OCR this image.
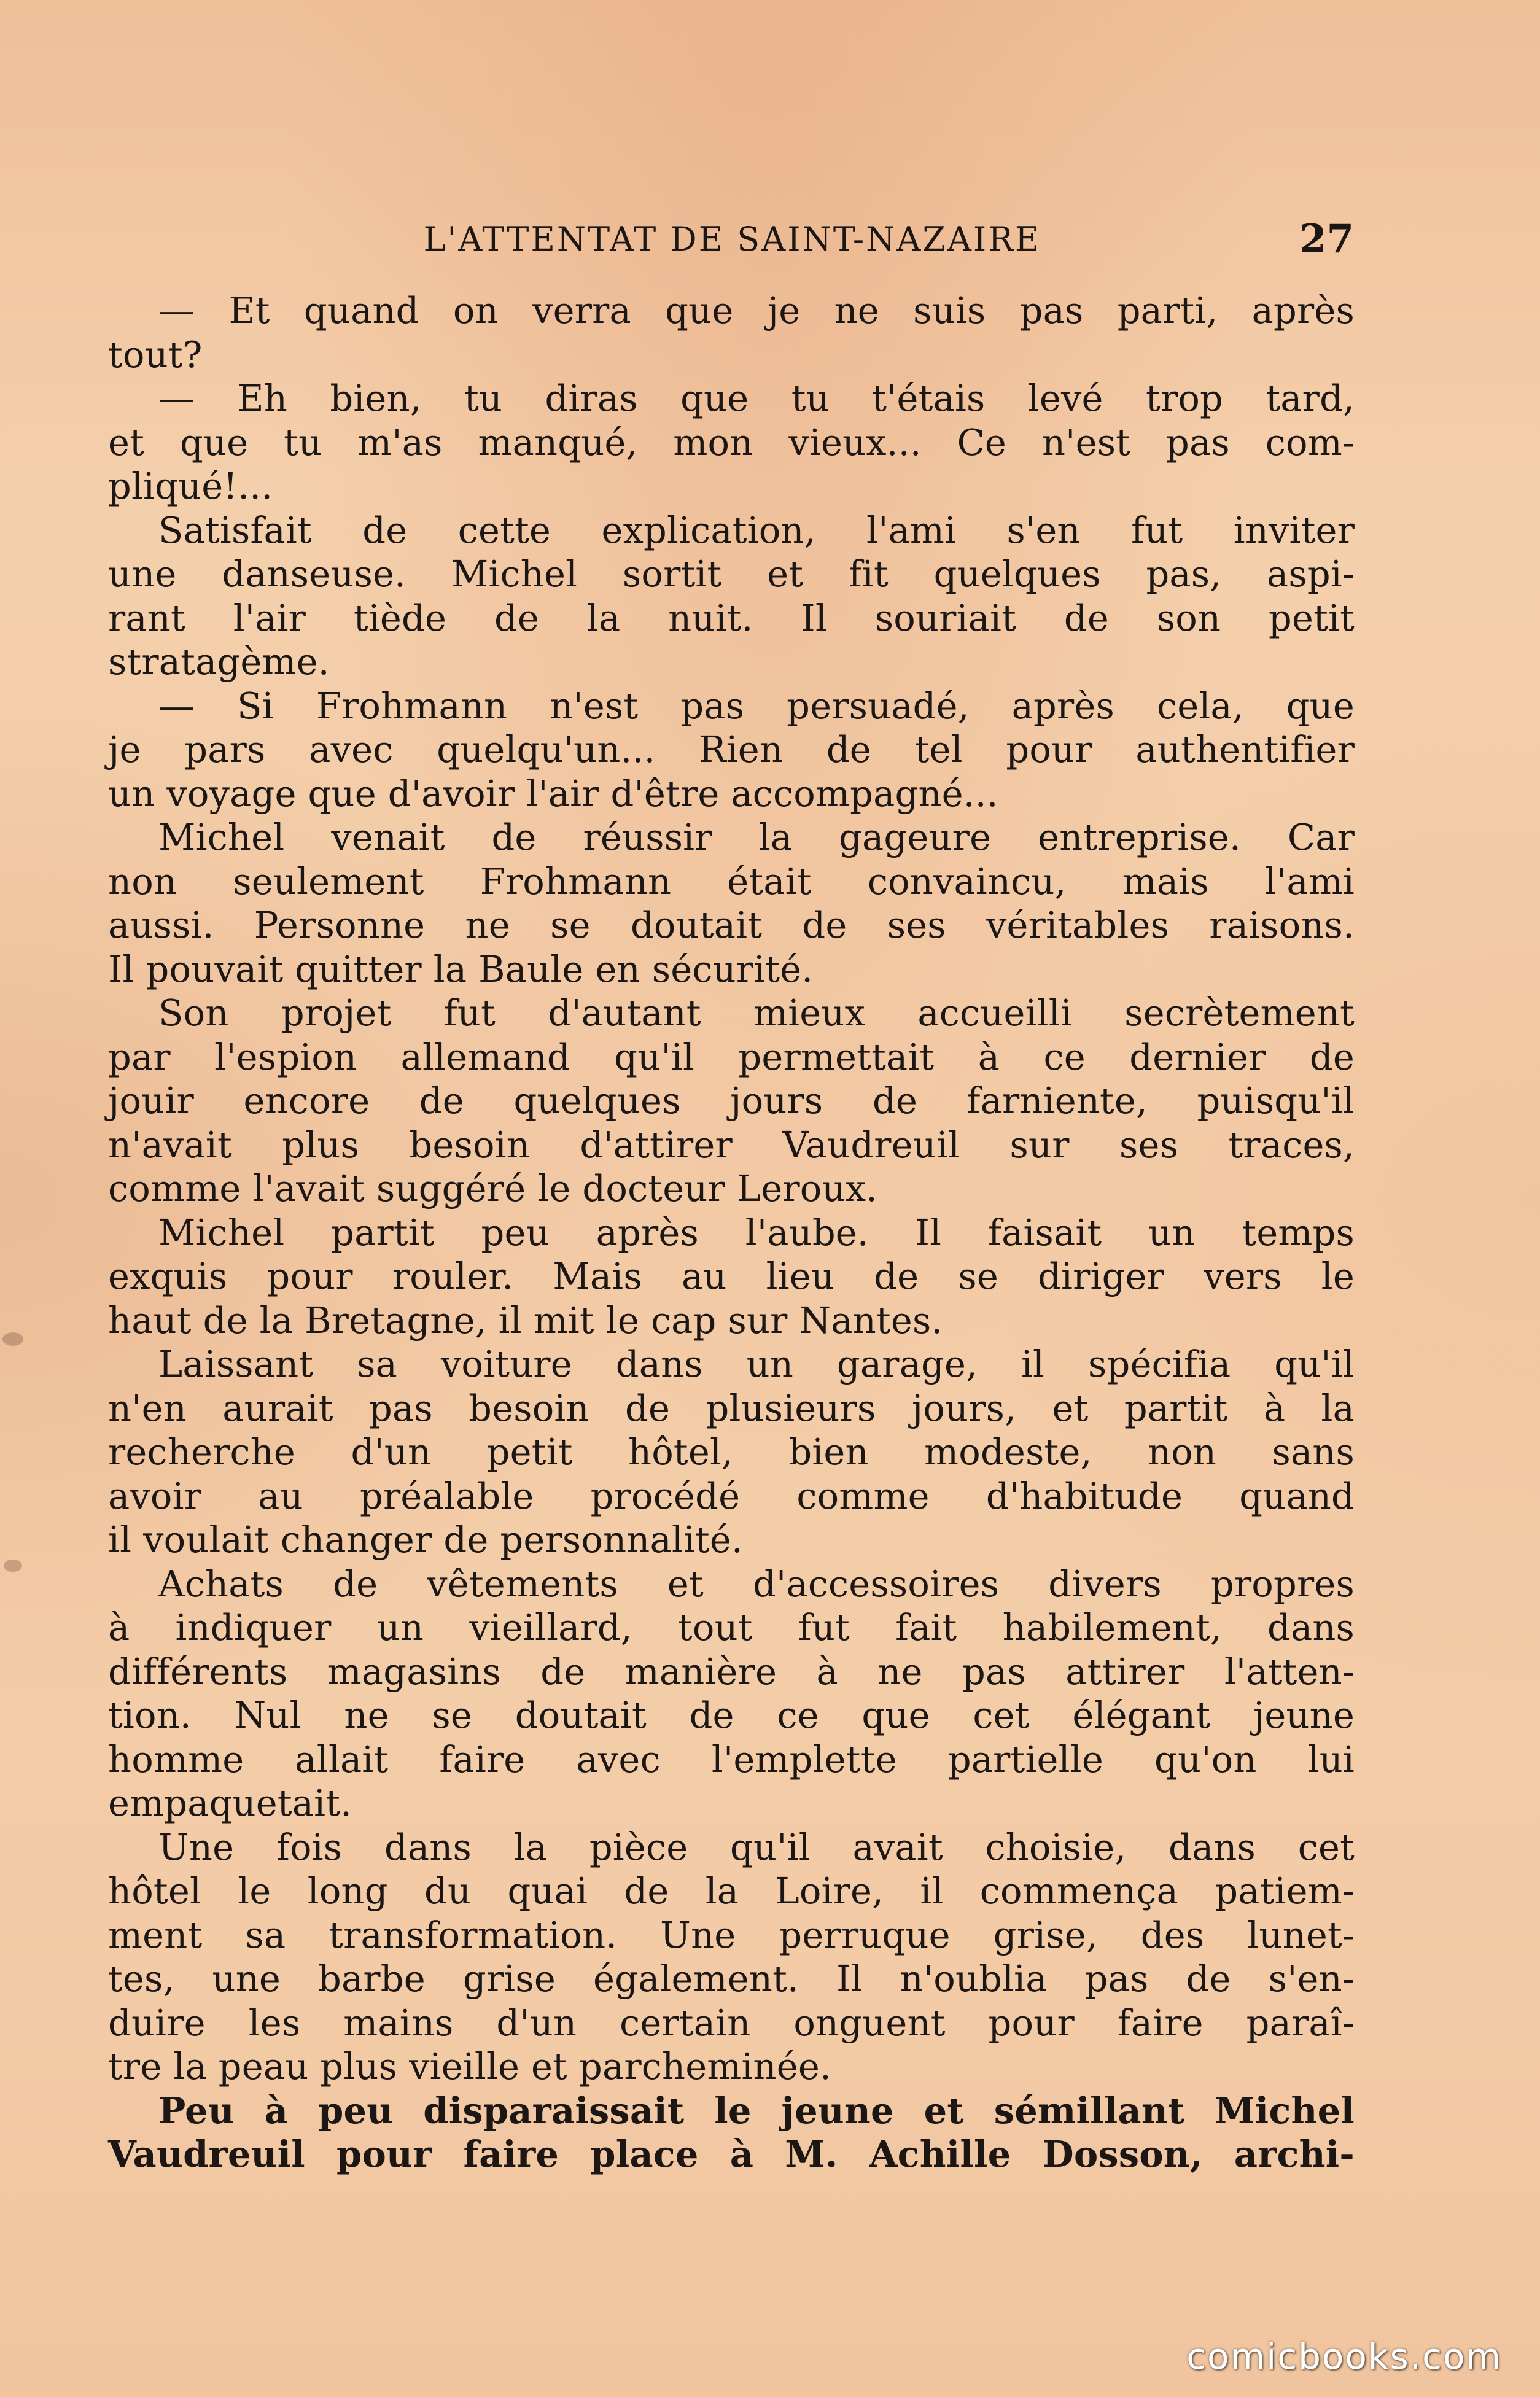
L'ATTENTAT DE SAINT-NAZAIRE	27
— Et quand on verra que je ne suis pas parti, après
tout?
— Eh bien, tu diras que tu t'étais levé trop tard,
et que tu m'as manqué, mon vieux... Ce n'est pas com-
pliqué!...
Satisfait de cette explication, l'ami s'en fut inviter
une danseuse. Michel sortit et fit quelques pas, aspi-
rant l'air tiède de la nuit. Il souriait de son petit
stratagème.
— Si Frohmann n'est pas persuadé, après cela, que
je pars avec quelqu'un... Rien de tel pour authentifier
un voyage que d'avoir l'air d'être accompagné...
Michel venait de réussir la gageure entreprise. Car
non seulement Frohmann était convaincu, mais l'ami
aussi. Personne ne se doutait de ses véritables raisons.
Il pouvait quitter la Baule en sécurité.
Son projet fut d'autant mieux accueilli secrètement
par l'espion allemand qu'il permettait à ce dernier de
jouir encore de quelques jours de farniente, puisqu'il
n'avait plus besoin d'attirer Vaudreuil sur ses traces,
comme l'avait suggéré le docteur Leroux.
Michel partit peu après l'aube. Il faisait un temps
exquis pour rouler. Mais au lieu de se diriger vers le
haut de la Bretagne, il mit le cap sur Nantes.
Laissant sa voiture dans un garage, il spécifia qu'il
n'en aurait pas besoin de plusieurs jours, et partit à la
recherche d'un petit hôtel, bien modeste, non sans
avoir au préalable procédé comme d'habitude quand
il voulait changer de personnalité.
Achats de vêtements et d'accessoires divers propres
à indiquer un vieillard, tout fut fait habilement, dans
différents magasins de manière à ne pas attirer l'atten-
tion. Nul ne se doutait de ce que cet élégant jeune
homme allait faire avec l'emplette partielle qu'on lui
empaquetait.
Une fois dans la pièce qu'il avait choisie, dans cet
hôtel le long du quai de la Loire, il commença patiem-
ment sa transformation. Une perruque grise, des lunet-
tes, une barbe grise également. Il n'oublia pas de s'en-
duire les mains d'un certain onguent pour faire paraî-
tre la peau plus vieille et parcheminée.
Peu à peu disparaissait le jeune et sémillant Michel
Vaudreuil pour faire place à M. Achille Dosson, archi-
comicbooks.com
